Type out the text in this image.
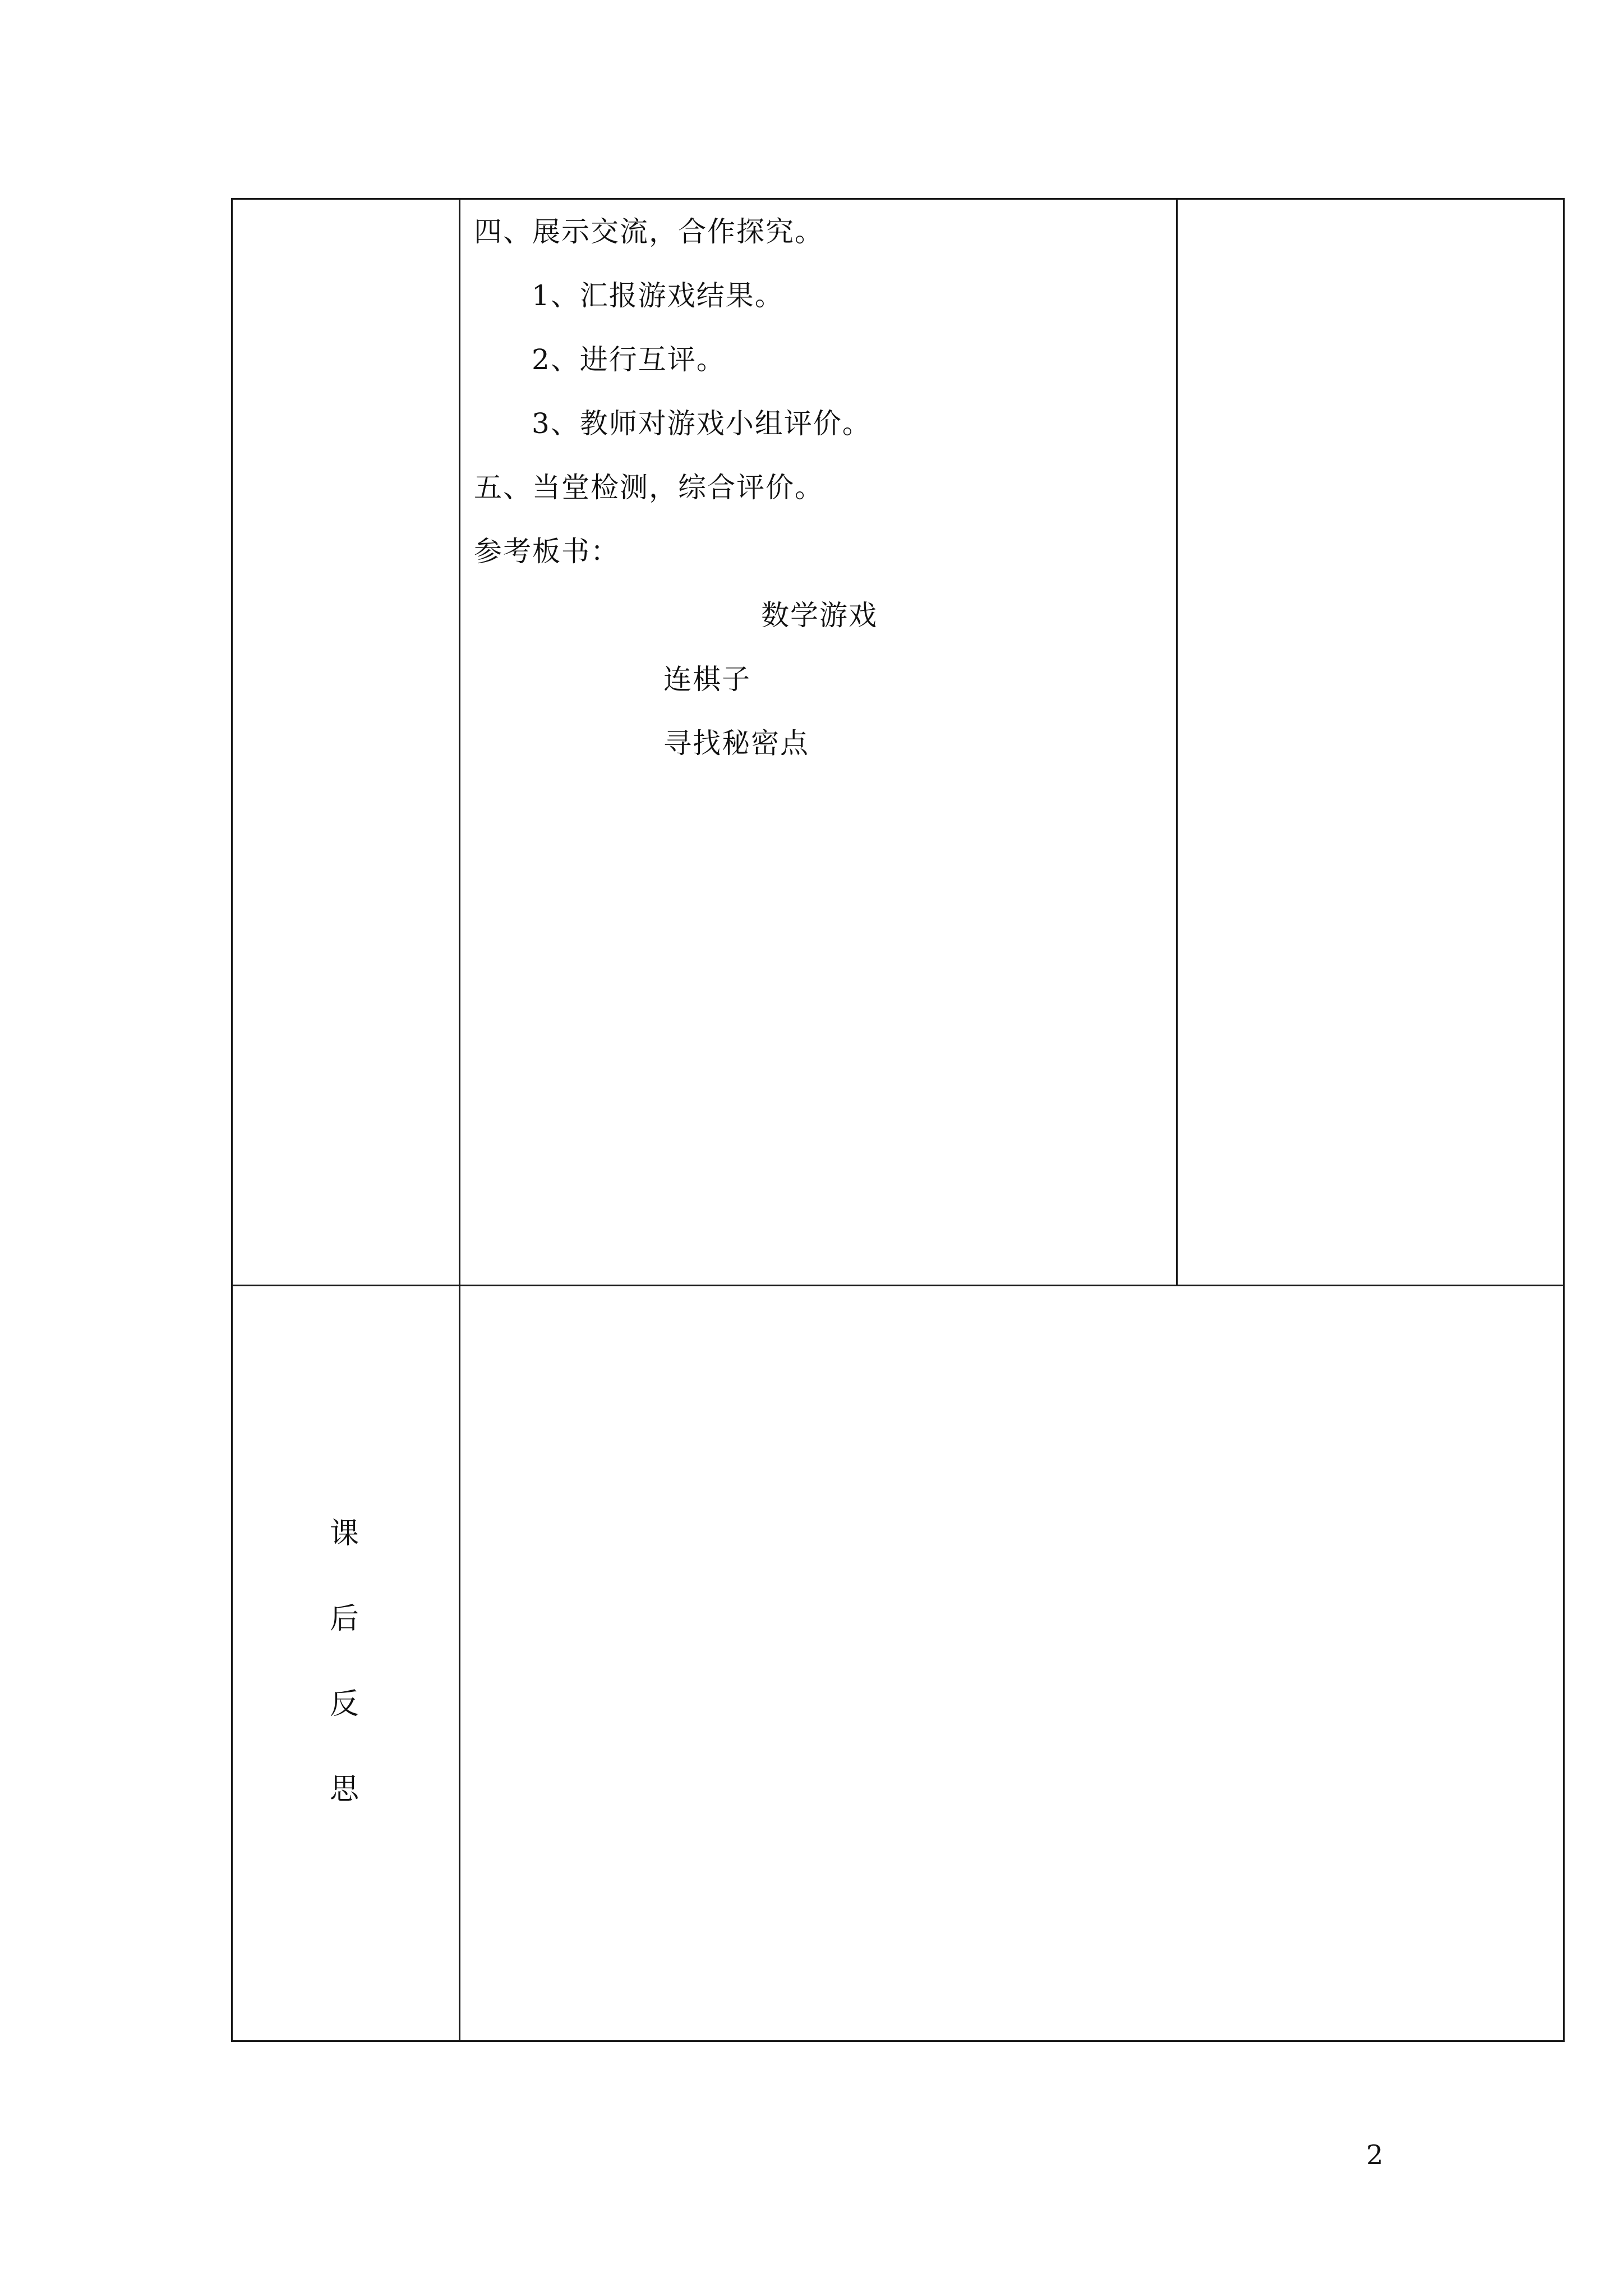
四、展示交流，合作探究。
1、汇报游戏结果。
2、进行互评。
3、教师对游戏小组评价。
五、当堂检测，综合评价。
参考板书：
数学游戏
连棋子
寻找秘密点
课
后
反
思
2
